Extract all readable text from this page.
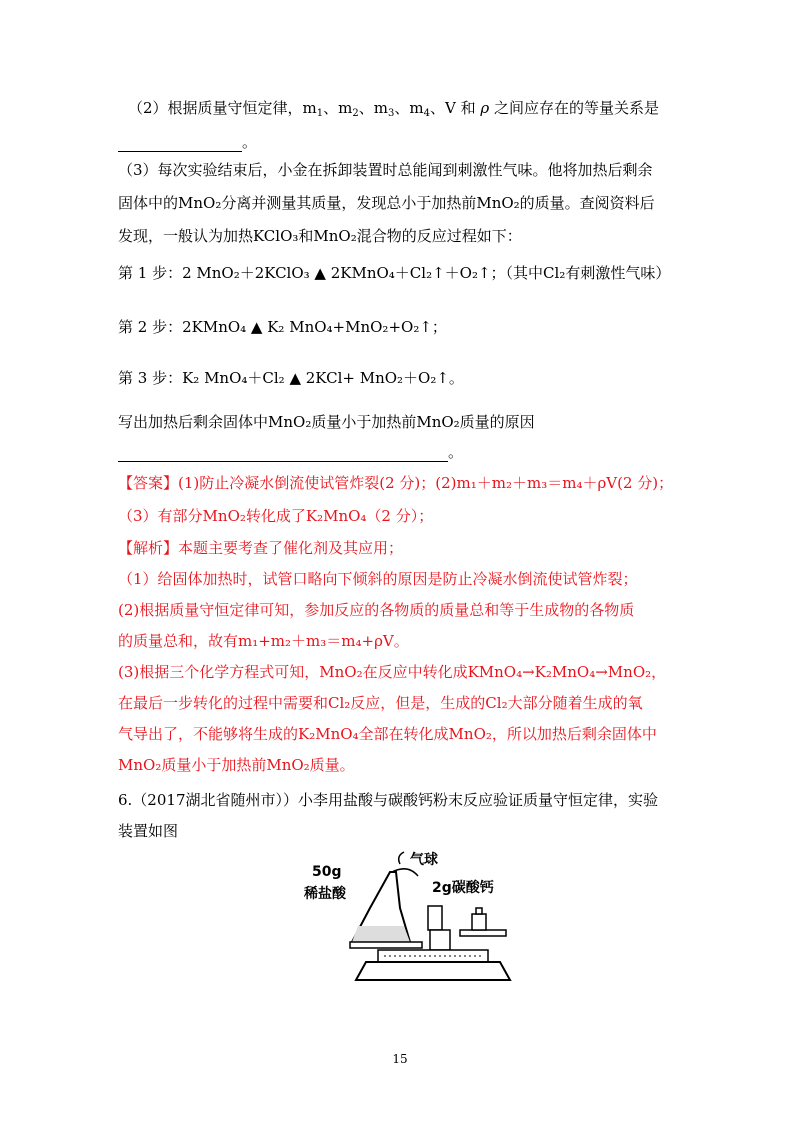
（2）根据质量守恒定律，$m_1$、$m_2$、$m_3$、$m_4$、V 和 ρ 之间应存在的等量关系是
。
（3）每次实验结束后，小金在拆卸装置时总能闻到刺激性气味。他将加热后剩余
固体中的MnO₂分离并测量其质量，发现总小于加热前MnO₂的质量。查阅资料后
发现，一般认为加热KClO₃和MnO₂混合物的反应过程如下：
第 1 步：2 MnO₂＋2KClO₃ ▲ 2KMnO₄＋Cl₂↑＋O₂↑；（其中Cl₂有刺激性气味）
第 2 步：2KMnO₄ ▲ K₂ MnO₄+MnO₂+O₂↑；
第 3 步：K₂ MnO₄＋Cl₂ ▲ 2KCl+ MnO₂＋O₂↑。
写出加热后剩余固体中MnO₂质量小于加热前MnO₂质量的原因
。
【答案】(1)防止冷凝水倒流使试管炸裂(2 分)；(2)m₁＋m₂＋m₃＝m₄＋ρV(2 分)；
（3）有部分MnO₂转化成了K₂MnO₄（2 分）；
【解析】本题主要考查了催化剂及其应用；
（1）给固体加热时，试管口略向下倾斜的原因是防止冷凝水倒流使试管炸裂；
(2)根据质量守恒定律可知，参加反应的各物质的质量总和等于生成物的各物质
的质量总和，故有m₁+m₂＋m₃＝m₄+ρV。
(3)根据三个化学方程式可知，MnO₂在反应中转化成KMnO₄→K₂MnO₄→MnO₂，
在最后一步转化的过程中需要和Cl₂反应，但是，生成的Cl₂大部分随着生成的氧
气导出了，不能够将生成的K₂MnO₄全部在转化成MnO₂，所以加热后剩余固体中
MnO₂质量小于加热前MnO₂质量。
6.（2017湖北省随州市））小李用盐酸与碳酸钙粉末反应验证质量守恒定律，实验
装置如图
50g
稀盐酸
气球
2g碳酸钙
15
